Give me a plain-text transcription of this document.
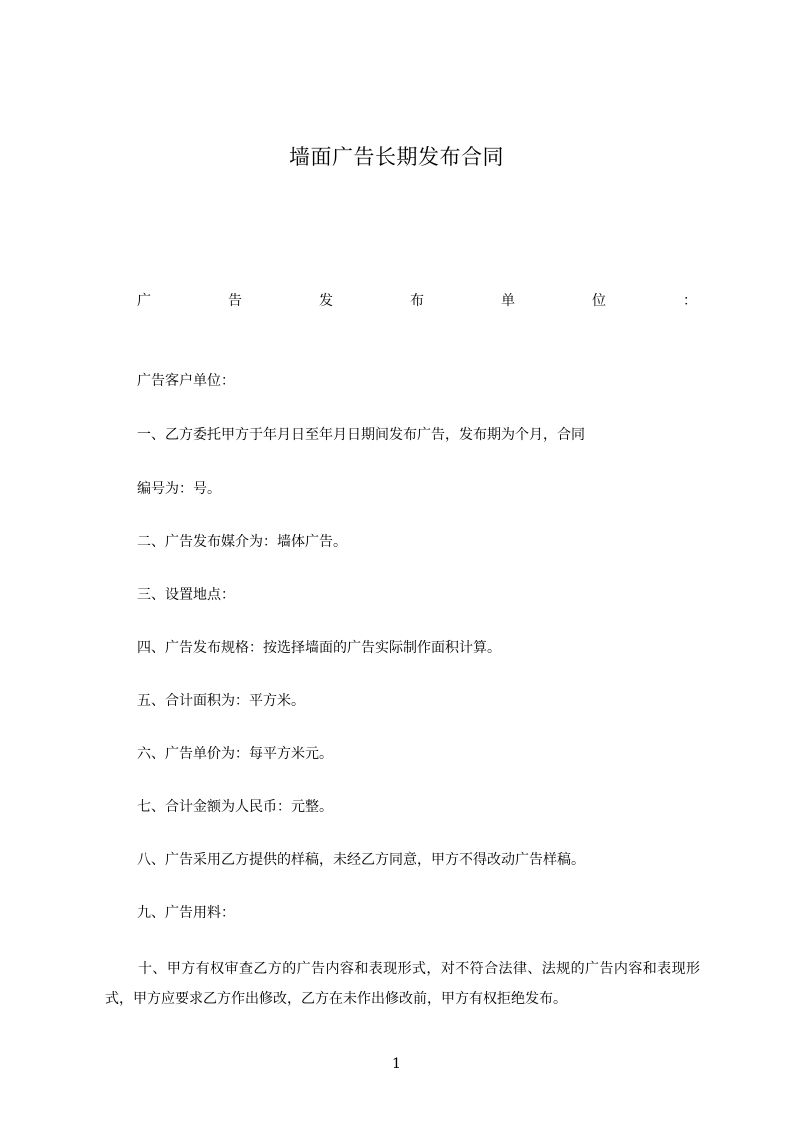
墙面广告长期发布合同
广	告	发	布	单	位	：
广告客户单位：
一、乙方委托甲方于年月日至年月日期间发布广告，发布期为个月，合同
编号为：号。
二、广告发布媒介为：墙体广告。
三、设置地点：
四、广告发布规格：按选择墙面的广告实际制作面积计算。
五、合计面积为：平方米。
六、广告单价为：每平方米元。
七、合计金额为人民币：元整。
八、广告采用乙方提供的样稿，未经乙方同意，甲方不得改动广告样稿。
九、广告用料：
十、甲方有权审查乙方的广告内容和表现形式，对不符合法律、法规的广告内容和表现形式，甲方应要求乙方作出修改，乙方在未作出修改前，甲方有权拒绝发布。
1
